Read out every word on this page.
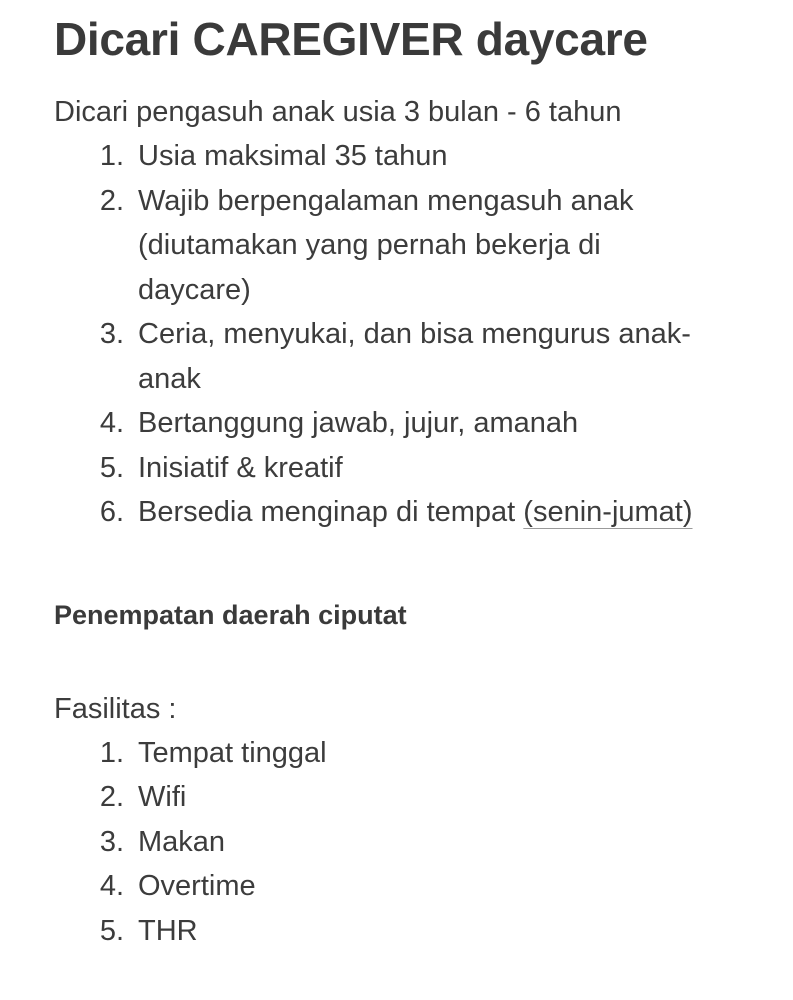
Dicari CAREGIVER daycare

Dicari pengasuh anak usia 3 bulan - 6 tahun

1. Usia maksimal 35 tahun
2. Wajib berpengalaman mengasuh anak (diutamakan yang pernah bekerja di daycare)
3. Ceria, menyukai, dan bisa mengurus anak-anak
4. Bertanggung jawab, jujur, amanah
5. Inisiatif & kreatif
6. Bersedia menginap di tempat (senin-jumat)

Penempatan daerah ciputat

Fasilitas :

1. Tempat tinggal
2. Wifi
3. Makan
4. Overtime
5. THR
